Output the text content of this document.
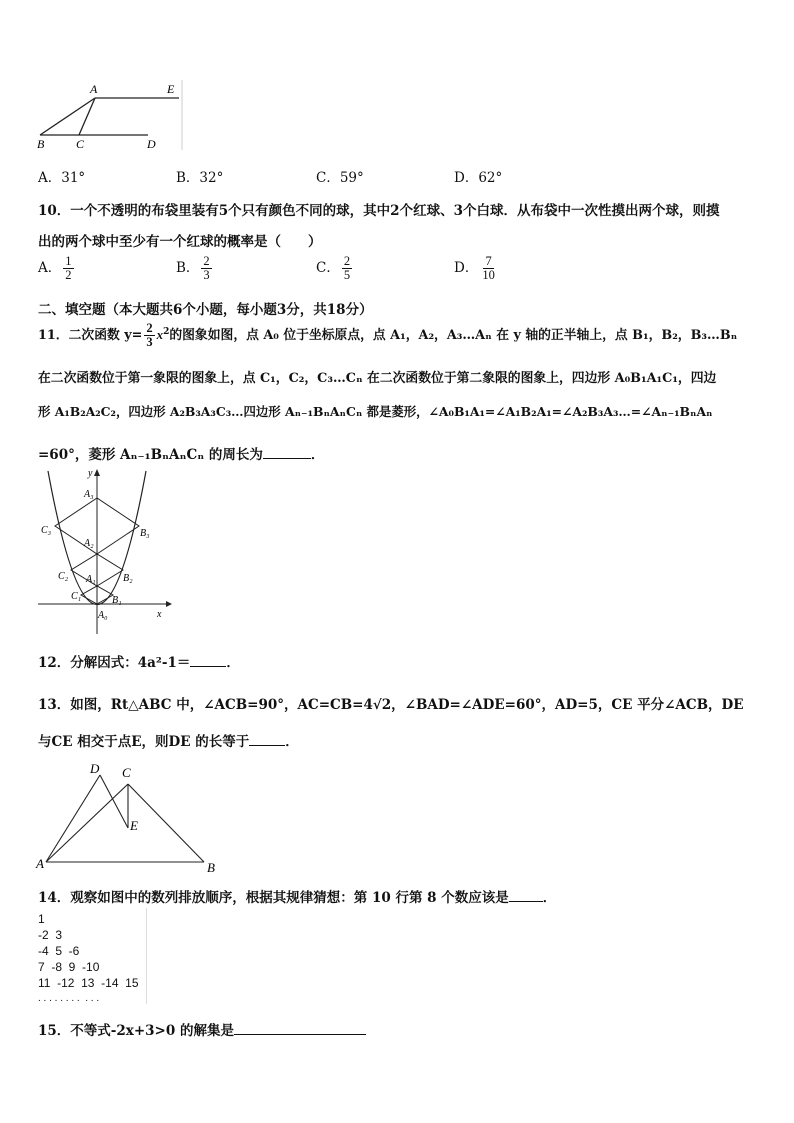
A	E
B	C	D
A．31°	B．32°	C．59°	D．62°
10．一个不透明的布袋里装有5个只有颜色不同的球，其中2个红球、3个白球．从布袋中一次性摸出两个球，则摸
出的两个球中至少有一个红球的概率是（　　）
A． $\frac{1}{2}$	B． $\frac{2}{3}$	C． $\frac{2}{5}$	D． $\frac{7}{10}$
二、填空题（本大题共6个小题，每小题3分，共18分）
11．二次函数 $y= \frac{2}{3} x^2$的图象如图，点 A₀ 位于坐标原点，点 A₁，A₂，A₃…Aₙ 在 y 轴的正半轴上，点 B₁，B₂，B₃…Bₙ
在二次函数位于第一象限的图象上，点 C₁，C₂，C₃…Cₙ 在二次函数位于第二象限的图象上，四边形 A₀B₁A₁C₁，四边
形 A₁B₂A₂C₂，四边形 A₂B₃A₃C₃…四边形 Aₙ₋₁BₙAₙCₙ 都是菱形，∠A₀B₁A₁=∠A₁B₂A₁=∠A₂B₃A₃…=∠Aₙ₋₁BₙAₙ
=60°，菱形 Aₙ₋₁BₙAₙCₙ 的周长为	．
y
x
A₃
C₃	B₃
A₂
C₂ A₁	B₂
C₁	B₁
A₀
12．分解因式：4a²-1＝	．
13．如图，Rt△ABC 中，∠ACB=90°，AC=CB=4√2，∠BAD=∠ADE=60°，AD=5，CE 平分∠ACB，DE
与CE 相交于点E，则DE 的长等于	．
D C
E
A	B
14．观察如图中的数列排放顺序，根据其规律猜想：第 10 行第 8 个数应该是	．
1
-2  3
-4  5  -6
7  -8  9  -10
11  -12  13  -14  15
. . . . . . . .  . . .
15．不等式-2x+3>0 的解集是
